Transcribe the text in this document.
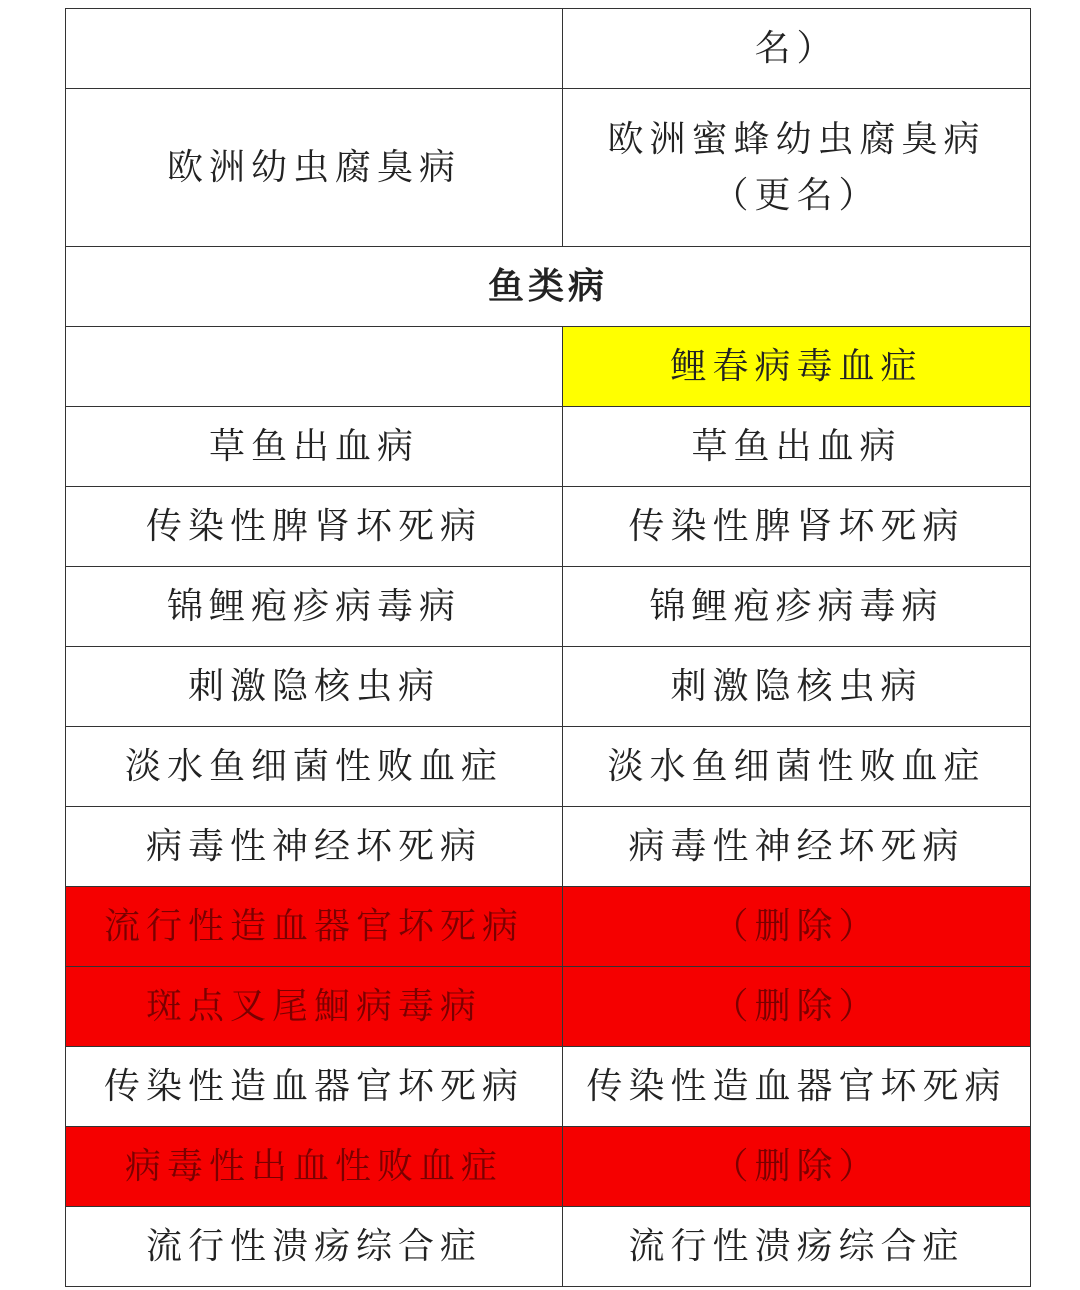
	名）
欧洲幼虫腐臭病	欧洲蜜蜂幼虫腐臭病（更名）
鱼类病	
	鲤春病毒血症
草鱼出血病	草鱼出血病
传染性脾肾坏死病	传染性脾肾坏死病
锦鲤疱疹病毒病	锦鲤疱疹病毒病
刺激隐核虫病	刺激隐核虫病
淡水鱼细菌性败血症	淡水鱼细菌性败血症
病毒性神经坏死病	病毒性神经坏死病
流行性造血器官坏死病	（删除）
斑点叉尾鮰病毒病	（删除）
传染性造血器官坏死病	传染性造血器官坏死病
病毒性出血性败血症	（删除）
流行性溃疡综合症	流行性溃疡综合症
